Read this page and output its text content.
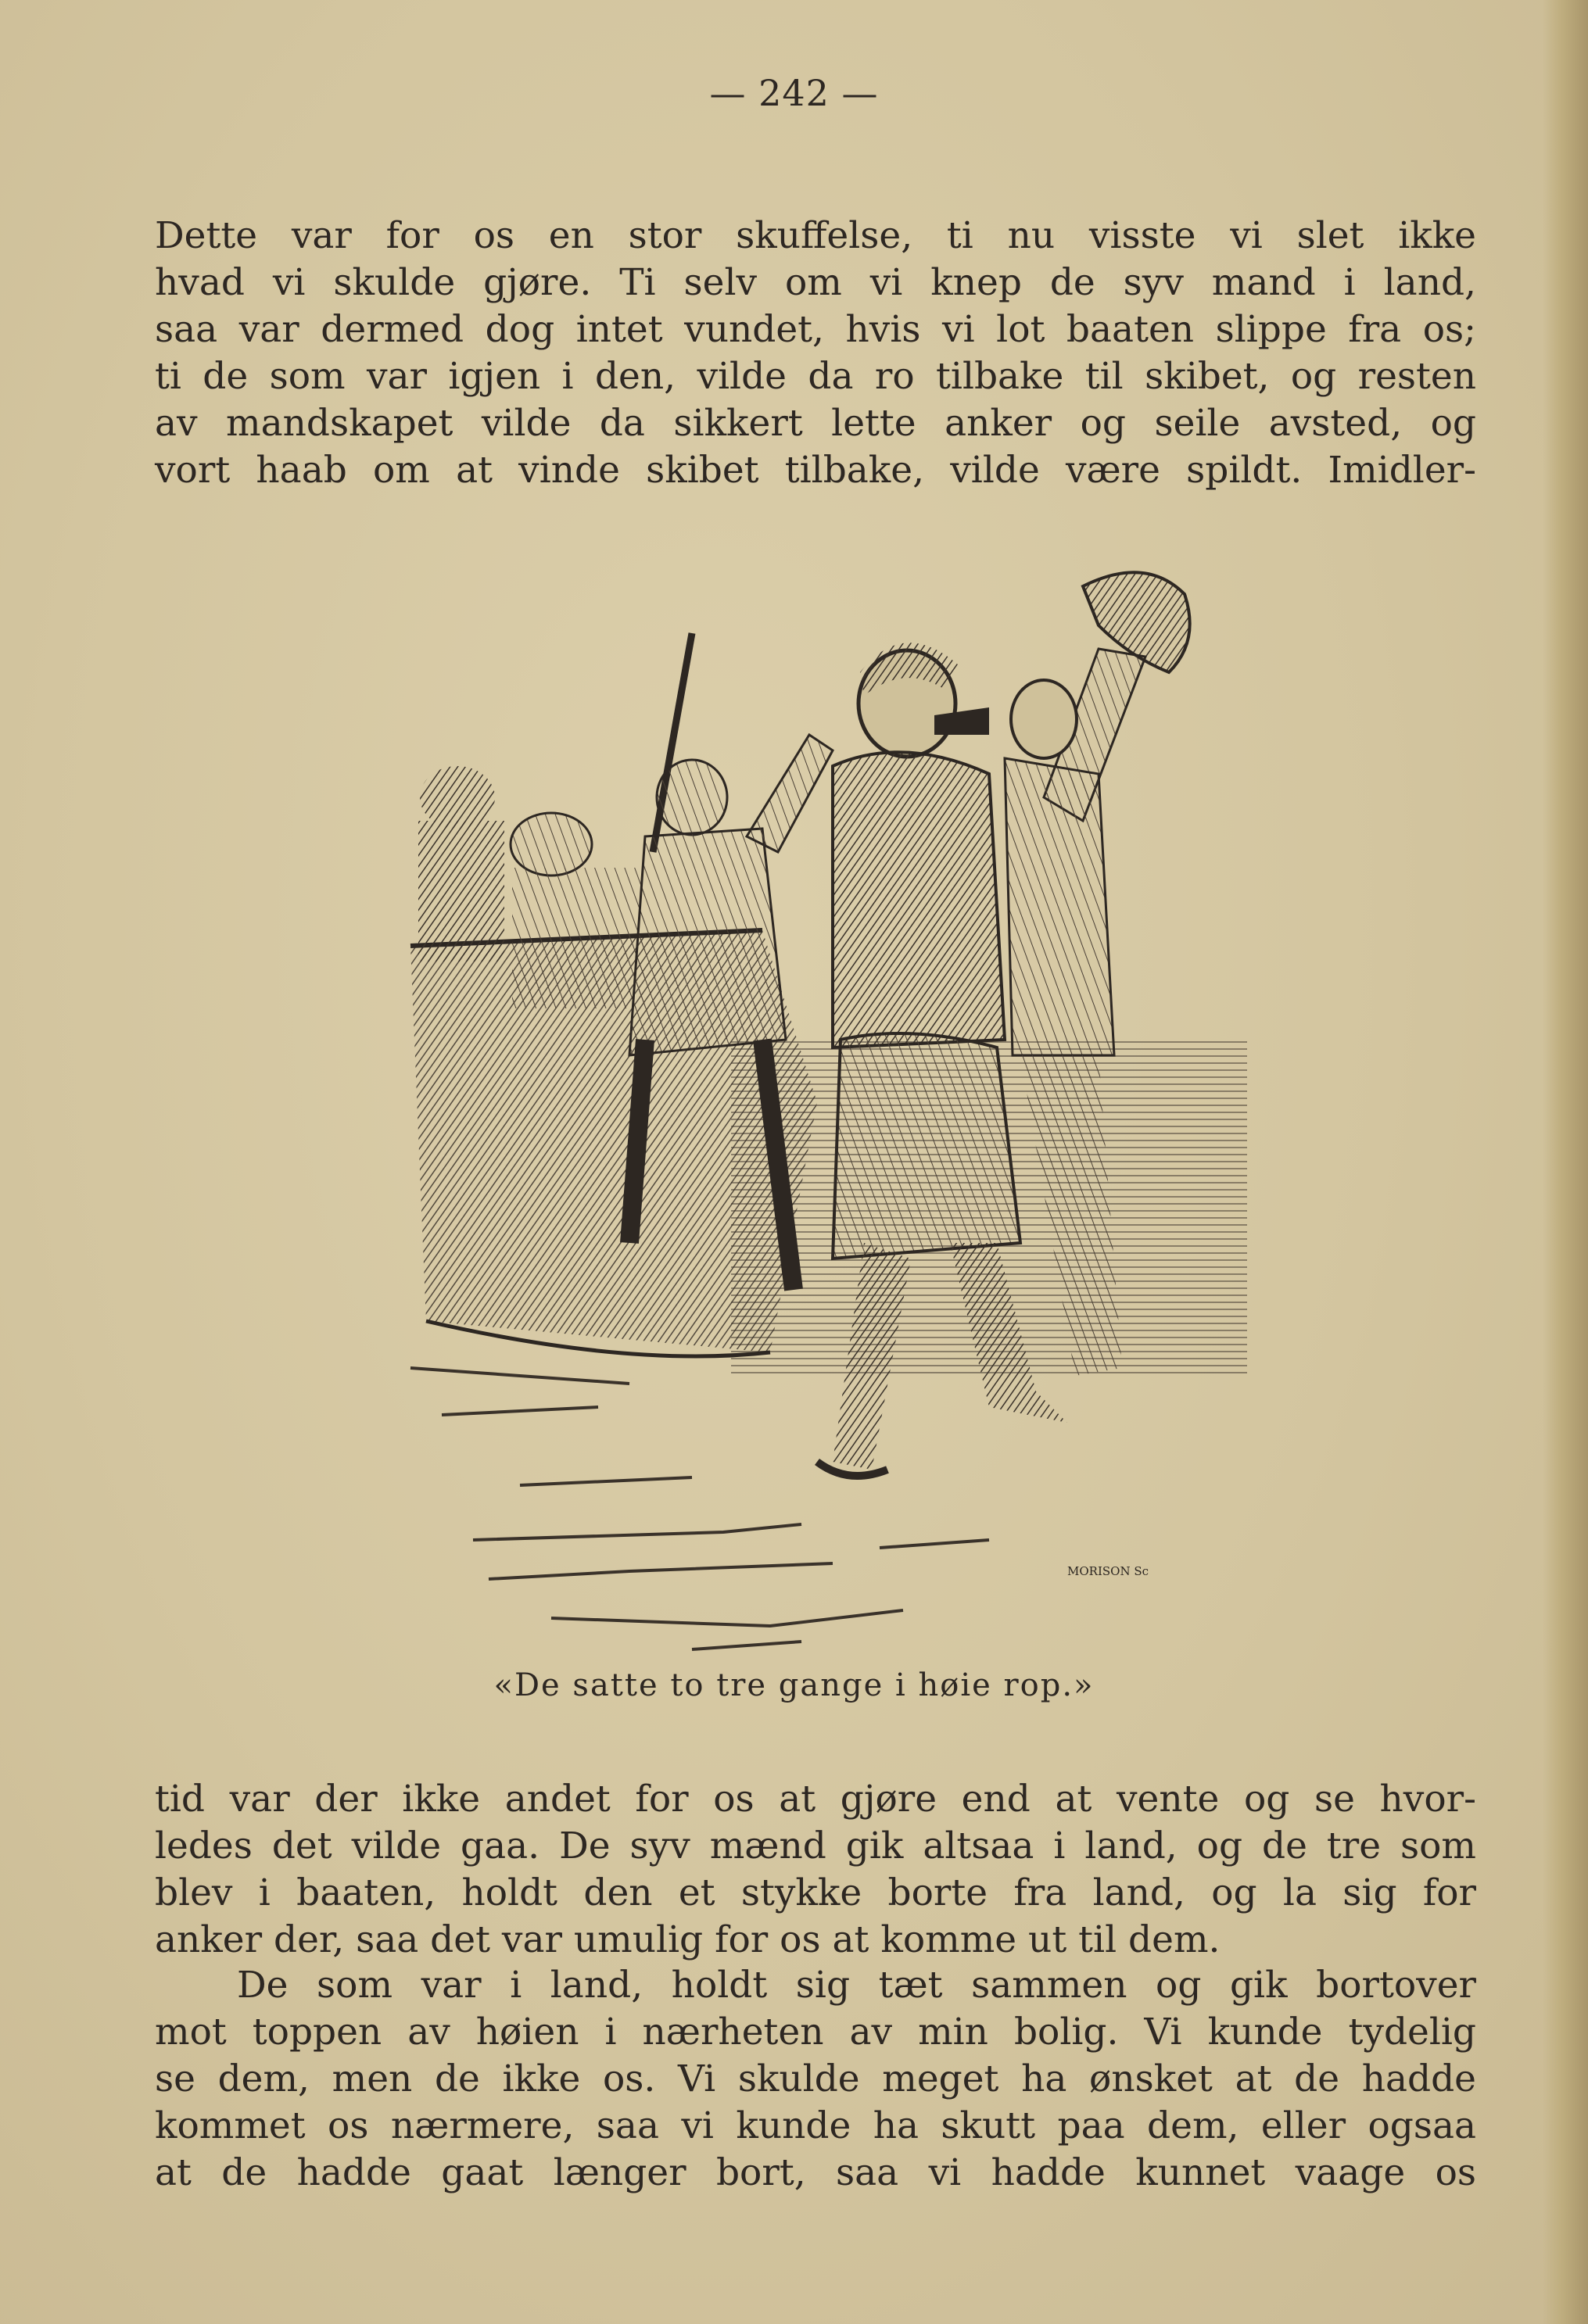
— 242 —
Dette var for os en stor skuffelse, ti nu visste vi slet ikke
hvad vi skulde gjøre. Ti selv om vi knep de syv mand i land,
saa var dermed dog intet vundet, hvis vi lot baaten slippe fra os;
ti de som var igjen i den, vilde da ro tilbake til skibet, og resten
av mandskapet vilde da sikkert lette anker og seile avsted, og
vort haab om at vinde skibet tilbake, vilde være spildt. Imidler-
MORISON Sc
«De satte to tre gange i høie rop.»
tid var der ikke andet for os at gjøre end at vente og se hvor-
ledes det vilde gaa. De syv mænd gik altsaa i land, og de tre som
blev i baaten, holdt den et stykke borte fra land, og la sig for
anker der, saa det var umulig for os at komme ut til dem.
De som var i land, holdt sig tæt sammen og gik bortover
mot toppen av høien i nærheten av min bolig. Vi kunde tydelig
se dem, men de ikke os. Vi skulde meget ha ønsket at de hadde
kommet os nærmere, saa vi kunde ha skutt paa dem, eller ogsaa
at de hadde gaat længer bort, saa vi hadde kunnet vaage os
